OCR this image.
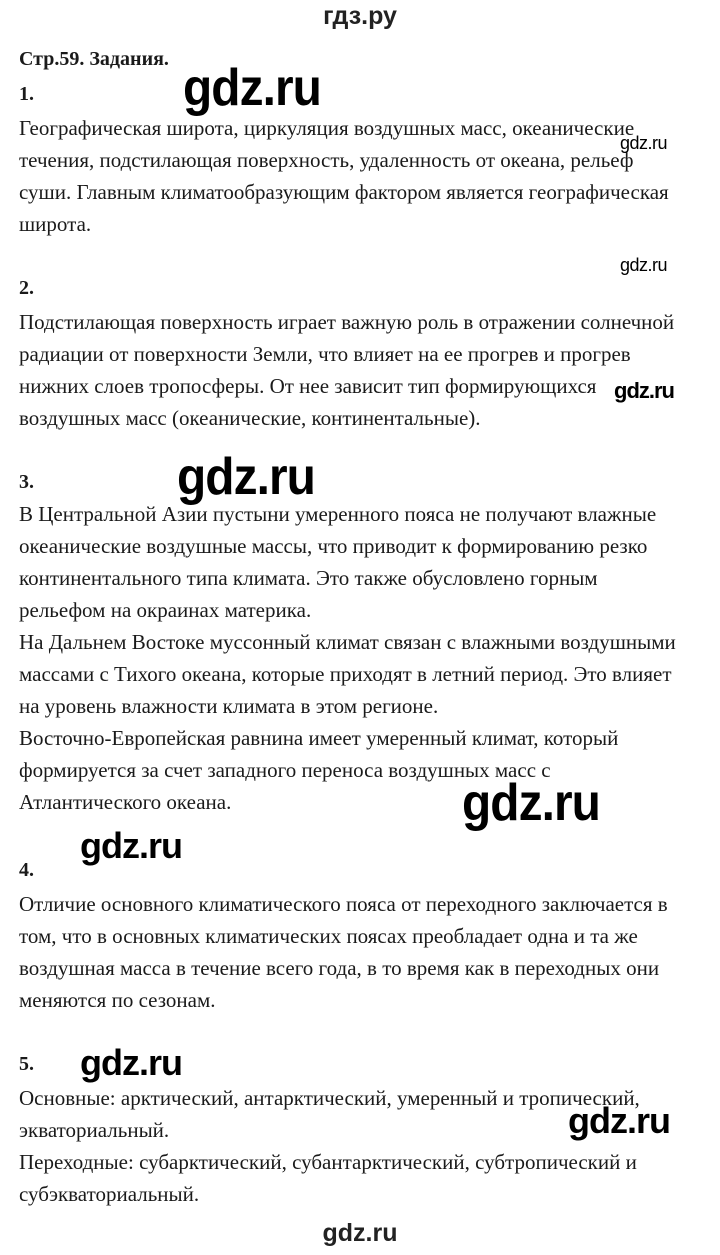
гдз.ру
Стр.59. Задания.
1.
Географическая широта, циркуляция воздушных масс, океанические
течения, подстилающая поверхность, удаленность от океана, рельеф
суши. Главным климатообразующим фактором является географическая
широта.
2.
Подстилающая поверхность играет важную роль в отражении солнечной
радиации от поверхности Земли, что влияет на ее прогрев и прогрев
нижних слоев тропосферы. От нее зависит тип формирующихся
воздушных масс (океанические, континентальные).
3.
В Центральной Азии пустыни умеренного пояса не получают влажные
океанические воздушные массы, что приводит к формированию резко
континентального типа климата. Это также обусловлено горным
рельефом на окраинах материка.
На Дальнем Востоке муссонный климат связан с влажными воздушными
массами с Тихого океана, которые приходят в летний период. Это влияет
на уровень влажности климата в этом регионе.
Восточно-Европейская равнина имеет умеренный климат, который
формируется за счет западного переноса воздушных масс с
Атлантического океана.
4.
Отличие основного климатического пояса от переходного заключается в
том, что в основных климатических поясах преобладает одна и та же
воздушная масса в течение всего года, в то время как в переходных они
меняются по сезонам.
5.
Основные: арктический, антарктический, умеренный и тропический,
экваториальный.
Переходные: субарктический, субантарктический, субтропический и
субэкваториальный.
gdz.ru
gdz.ru
gdz.ru
gdz.ru
gdz.ru
gdz.ru
gdz.ru
gdz.ru
gdz.ru
gdz.ru
